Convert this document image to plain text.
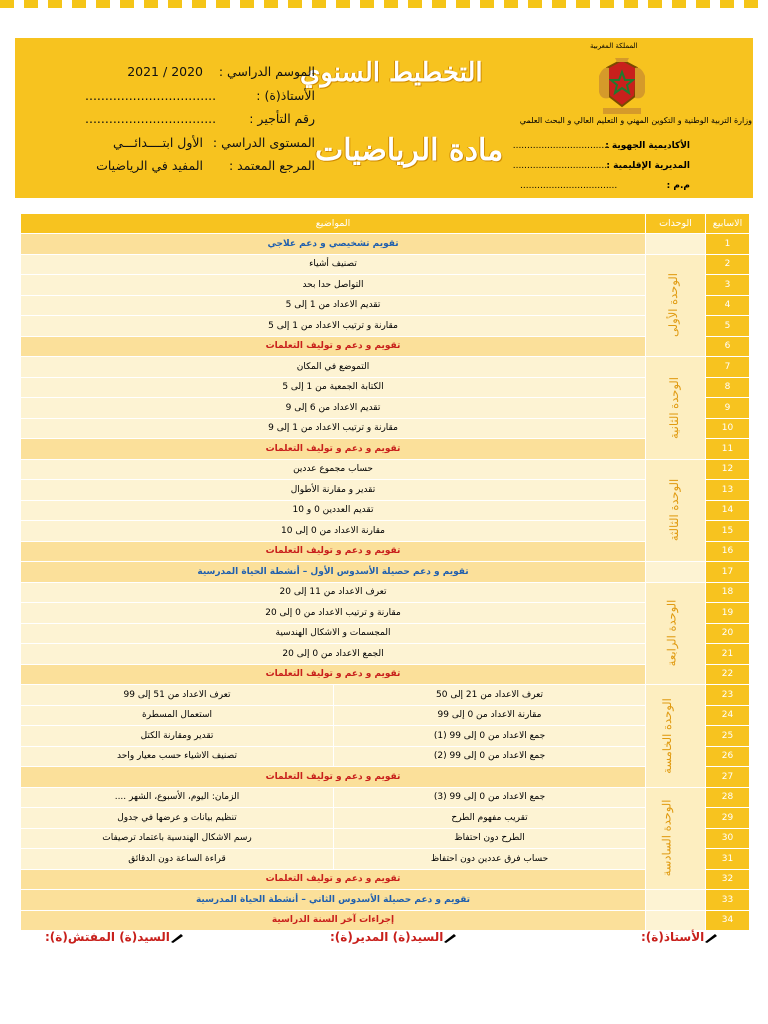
المملكة المغربية
وزارة التربية الوطنية و التكوين المهني و التعليم العالي و البحث العلمي
الأكاديمية الجهوية :
..................................
المديرية الإقليمية :
..................................
م.م :
..................................
التخطيط السنوي
مادة الرياضيات
الموسم الدراسي :
2020 / 2021
الأستاذ(ة) :
.................................
رقم التأجير :
.................................
المستوى الدراسي :
الأول ابتــــدائـــي
المرجع المعتمد :
المفيد في الرياضيات
الاسابيع	الوحدات	المواضيع	
1		تقويم تشخيصي و دعم علاجي	
2	الوحدة الأولى	تصنيف أشياء	
3		التواصل حدا بحد	
4		تقديم الاعداد من 1 إلى 5	
5		مقارنة و ترتيب الاعداد من 1 إلى 5	
6		تقويم و دعم و توليف التعلمات	
7	الوحدة الثانية	التموضع في المكان	
8		الكتابة الجمعية من 1 إلى 5	
9		تقديم الاعداد من 6 إلى 9	
10		مقارنة و ترتيب الاعداد من 1 إلى 9	
11		تقويم و دعم و توليف التعلمات	
12	الوحدة الثالثة	حساب مجموع عددين	
13		تقدير و مقارنة الأطوال	
14		تقديم العددين 0 و 10	
15		مقارنة الاعداد من 0 إلى 10	
16		تقويم و دعم و توليف التعلمات	
17		تقويم و دعم حصيلة الأسدوس الأول – أنشطة الحياة المدرسية	
18	الوحدة الرابعة	تعرف الاعداد من 11 إلى 20	
19		مقارنة و ترتيب الاعداد من 0 إلى 20	
20		المجسمات و الاشكال الهندسية	
21		الجمع الاعداد من 0 إلى 20	
22		تقويم و دعم و توليف التعلمات	
23	الوحدة الخامسة	تعرف الاعداد من 21 إلى 50	تعرف الاعداد من 51 إلى 99
24		مقارنة الاعداد من 0 إلى 99	استعمال المسطرة
25		جمع الاعداد من 0 إلى 99 (1)	تقدير ومقارنة الكتل
26		جمع الاعداد من 0 إلى 99 (2)	تصنيف الاشياء حسب معيار واحد
27		تقويم و دعم و توليف التعلمات	
28	الوحدة السادسة	جمع الاعداد من 0 إلى 99 (3)	الزمان: اليوم، الأسبوع، الشهر ....
29		تقريب مفهوم الطرح	تنظيم بيانات و عرضها في جدول
30		الطرح دون احتفاظ	رسم الاشكال الهندسية باعتماد ترصيفات
31		حساب فرق عددين دون احتفاظ	قراءة الساعة دون الدقائق
32		تقويم و دعم و توليف التعلمات	
33		تقويم و دعم حصيلة الأسدوس الثاني – أنشطة الحياة المدرسية	
34		إجراءات آخر السنة الدراسية	
الأستاذ(ة):
السيد(ة) المدير(ة):
السيد(ة) المفتش(ة):
